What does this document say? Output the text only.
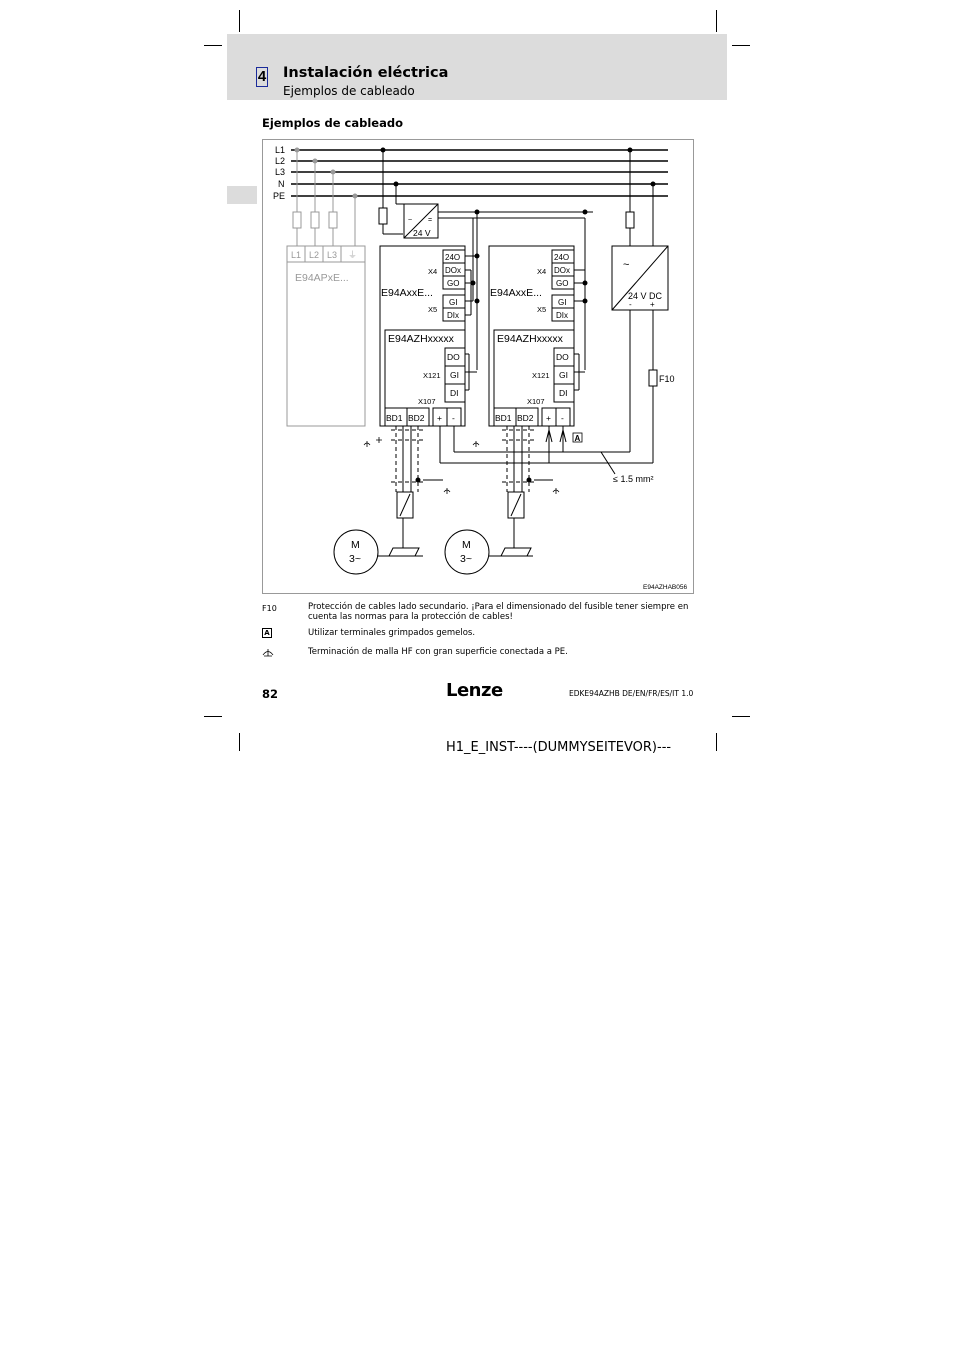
4 Instalación eléctrica
Ejemplos de cableado
Ejemplos de cableado
L1
L2
L3
N
PE
L1 L2 L3 ⏚
E94APxE...
~ =
24 V
E94AxxE...
E94AZHxxxxx
X4
X5
24O
DOx
GO
GI
DIx
X121
DO
GI
DI
X107
BD1 BD2 + -
E94AxxE...
E94AZHxxxxx
X4
X5
24O
DOx
GO
GI
DIx
X121
DO
GI
DI
X107
BD1 BD2 + -
~
24 V DC
- +
F10
≤ 1.5 mm²
A
M
3~
M
3~
E94AZHAB056
F10	Protección de cables lado secundario. ¡Para el dimensionado del fusible tener siempre en cuenta las normas para la protección de cables!
A	Utilizar terminales grimpados gemelos.
Terminación de malla HF con gran superficie conectada a PE.
82	Lenze	EDKE94AZHB DE/EN/FR/ES/IT 1.0
H1_E_INST----(DUMMYSEITEVOR)---
